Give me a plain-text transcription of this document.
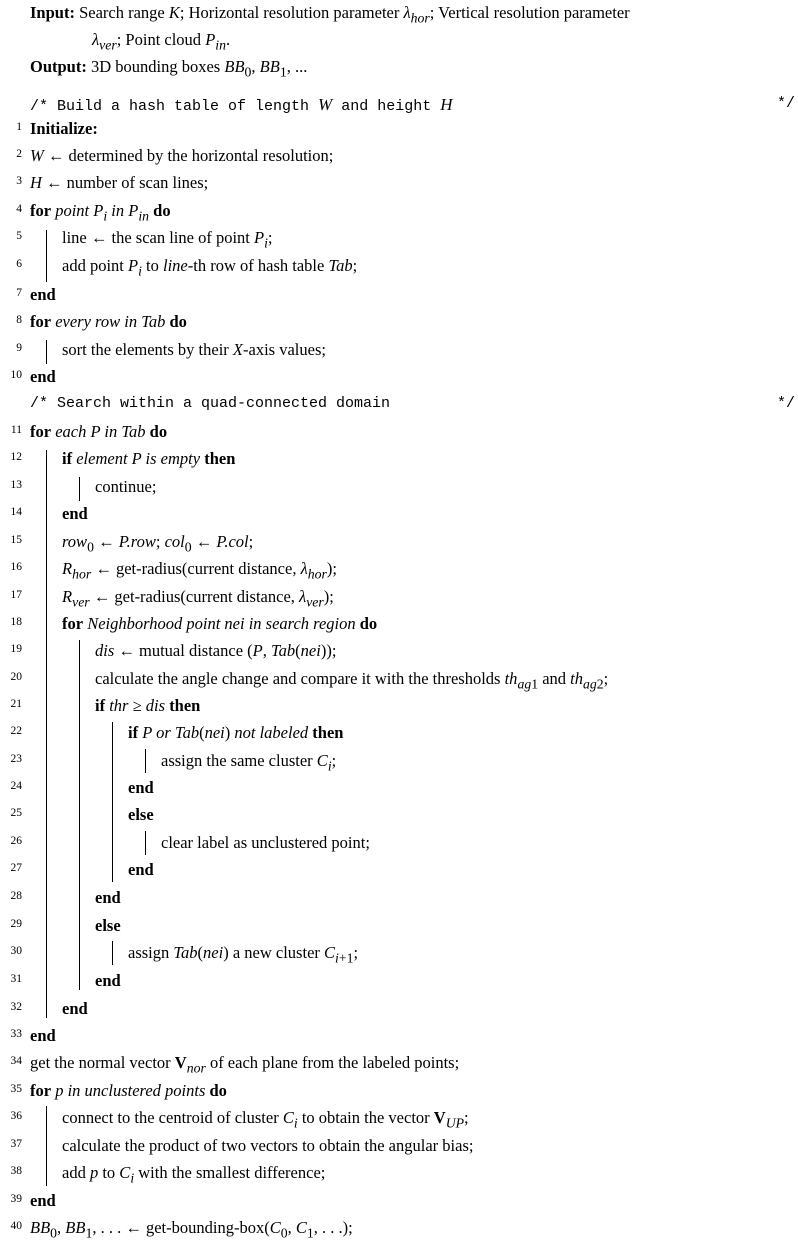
Input: Search range K; Horizontal resolution parameter $\lambda_{hor}$; Vertical resolution parameter
$\lambda_{ver}$; Point cloud $P_{in}$.
Output: 3D bounding boxes $BB_0$, $BB_1$, ...
/* Build a hash table of length W and height H	*/
1 Initialize:
2 W ← determined by the horizontal resolution;
3 H ← number of scan lines;
4 for point $P_i$ in $P_{in}$ do
5 line ← the scan line of point $P_i$;
6 add point $P_i$ to line-th row of hash table Tab;
7 end
8 for every row in Tab do
9 sort the elements by their X-axis values;
10 end
/* Search within a quad-connected domain	*/
11 for each P in Tab do
12 if element P is empty then
13	continue;
14 end
15 row$_0$ ← P.row; col$_0$ ← P.col;
16 $R_{hor}$ ← get-radius(current distance, $\lambda_{hor}$);
17 $R_{ver}$ ← get-radius(current distance, $\lambda_{ver}$);
18 for Neighborhood point nei in search region do
19	dis ← mutual distance (P, Tab(nei));
20	calculate the angle change and compare it with the thresholds $th_{ag1}$ and $th_{ag2}$;
21	if thr ≥ dis then
22	if P or Tab(nei) not labeled then
23	assign the same cluster $C_i$;
24	end
25	else
26	clear label as unclustered point;
27	end
28	end
29	else
30	assign Tab(nei) a new cluster $C_{i+1}$;
31	end
32 end
33 end
34 get the normal vector $V_{nor}$ of each plane from the labeled points;
35 for p in unclustered points do
36 connect to the centroid of cluster $C_i$ to obtain the vector $V_{UP}$;
37 calculate the product of two vectors to obtain the angular bias;
38 add p to $C_i$ with the smallest difference;
39 end
40 $BB_0$, $BB_1$, . . . ← get-$bounding-box(C_0$, $C_1$, . . .);
